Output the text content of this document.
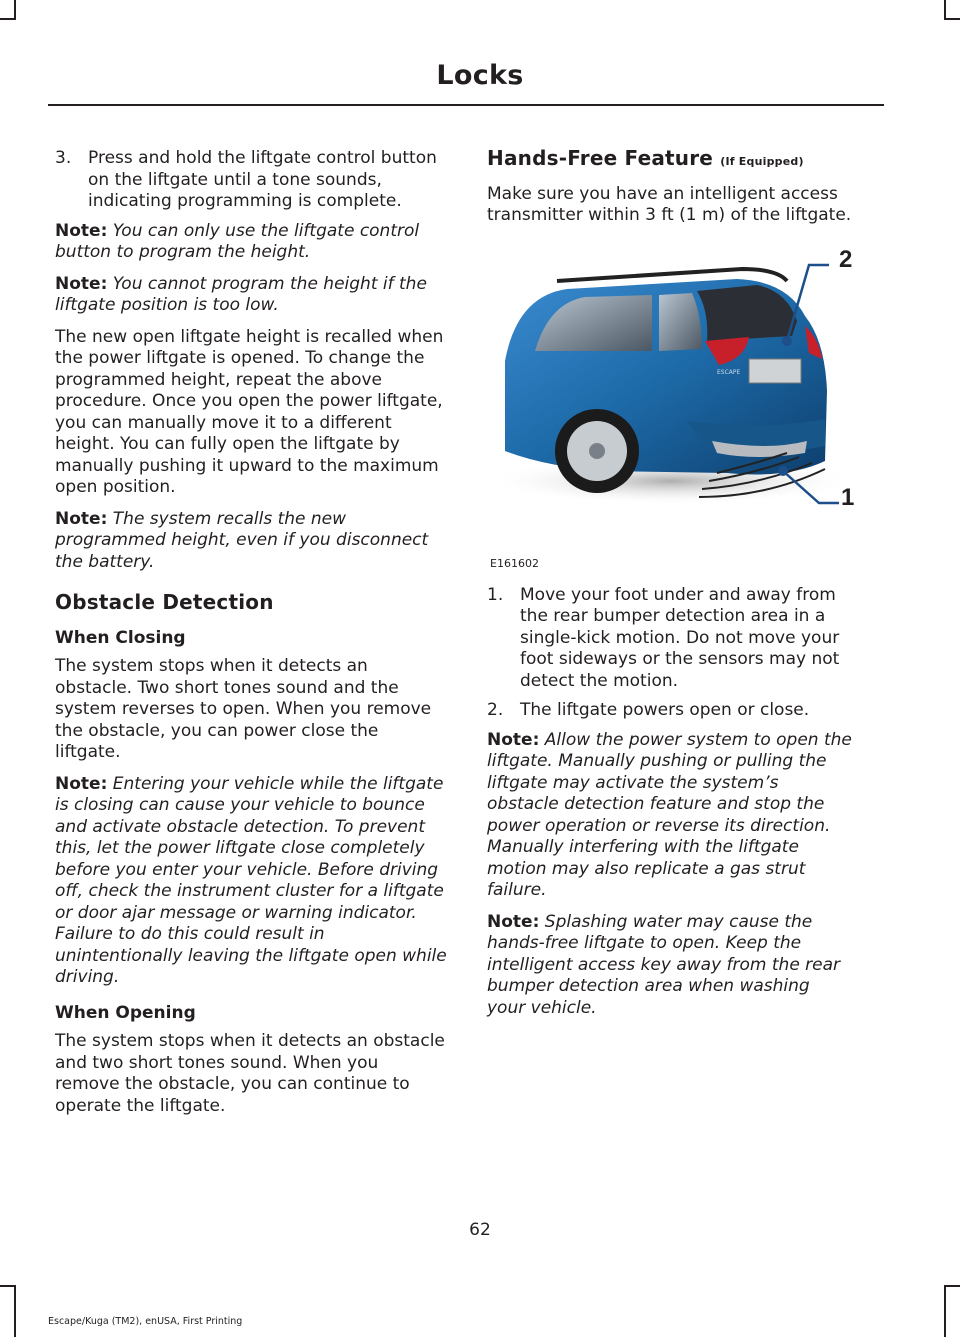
Locks
3. Press and hold the liftgate control button on the liftgate until a tone sounds, indicating programming is complete.

Note: You can only use the liftgate control button to program the height.

Note: You cannot program the height if the liftgate position is too low.

The new open liftgate height is recalled when the power liftgate is opened. To change the programmed height, repeat the above procedure. Once you open the power liftgate, you can manually move it to a different height. You can fully open the liftgate by manually pushing it upward to the maximum open position.

Note: The system recalls the new programmed height, even if you disconnect the battery.

Obstacle Detection
When Closing

The system stops when it detects an obstacle. Two short tones sound and the system reverses to open. When you remove the obstacle, you can power close the liftgate.

Note: Entering your vehicle while the liftgate is closing can cause your vehicle to bounce and activate obstacle detection. To prevent this, let the power liftgate close completely before you enter your vehicle. Before driving off, check the instrument cluster for a liftgate or door ajar message or warning indicator. Failure to do this could result in unintentionally leaving the liftgate open while driving.

When Opening

The system stops when it detects an obstacle and two short tones sound. When you remove the obstacle, you can continue to operate the liftgate.

Hands-Free Feature (If Equipped)

Make sure you have an intelligent access transmitter within 3 ft (1 m) of the liftgate.

ESCAPE
2
1
E161602
1. Move your foot under and away from the rear bumper detection area in a single-kick motion. Do not move your foot sideways or the sensors may not detect the motion.
2. The liftgate powers open or close.

Note: Allow the power system to open the liftgate. Manually pushing or pulling the liftgate may activate the system’s obstacle detection feature and stop the power operation or reverse its direction. Manually interfering with the liftgate motion may also replicate a gas strut failure.

Note: Splashing water may cause the hands-free liftgate to open. Keep the intelligent access key away from the rear bumper detection area when washing your vehicle.

62
Escape/Kuga (TM2), enUSA, First Printing
